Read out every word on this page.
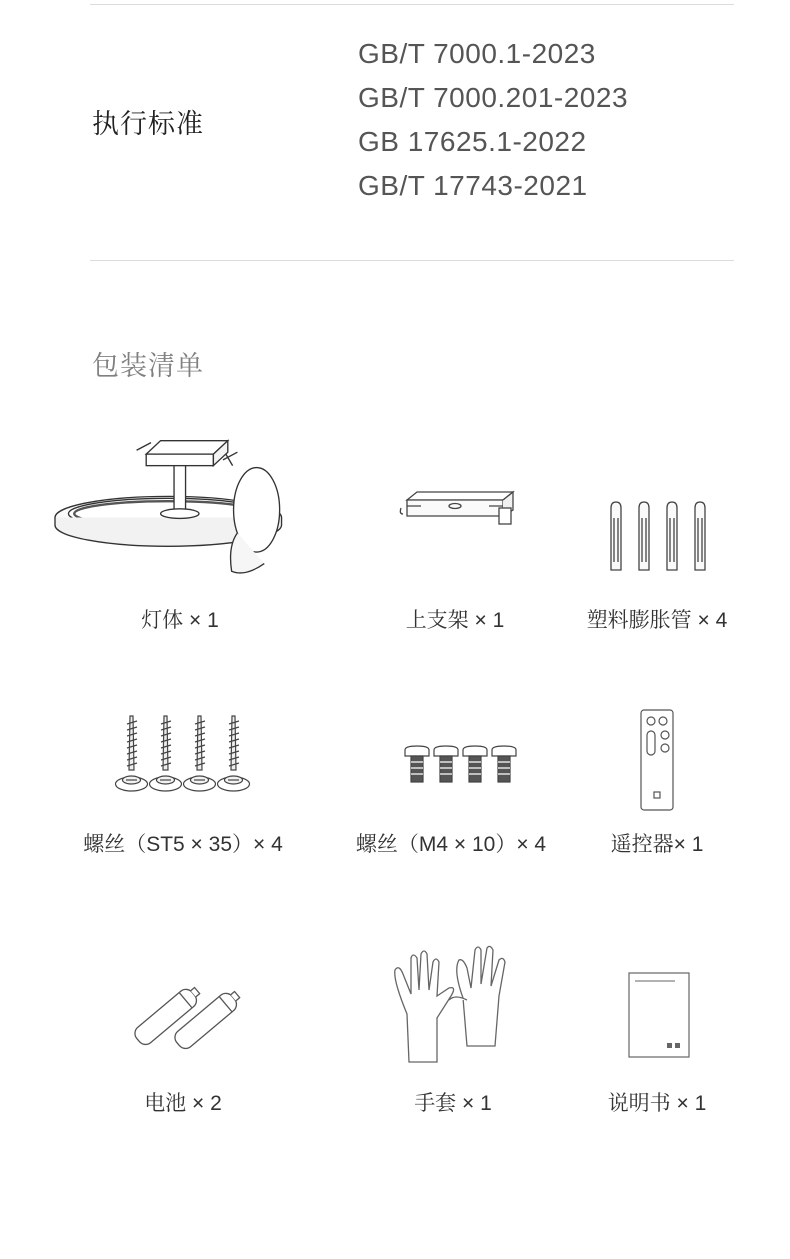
执行标准
GB/T 7000.1-2023
GB/T 7000.201-2023
GB 17625.1-2022
GB/T 17743-2021
包装清单
灯体 × 1	上支架 × 1	塑料膨胀管 × 4
螺丝（ST5 × 35）× 4	螺丝（M4 × 10）× 4	遥控器× 1
电池 × 2	手套 × 1	说明书 × 1
